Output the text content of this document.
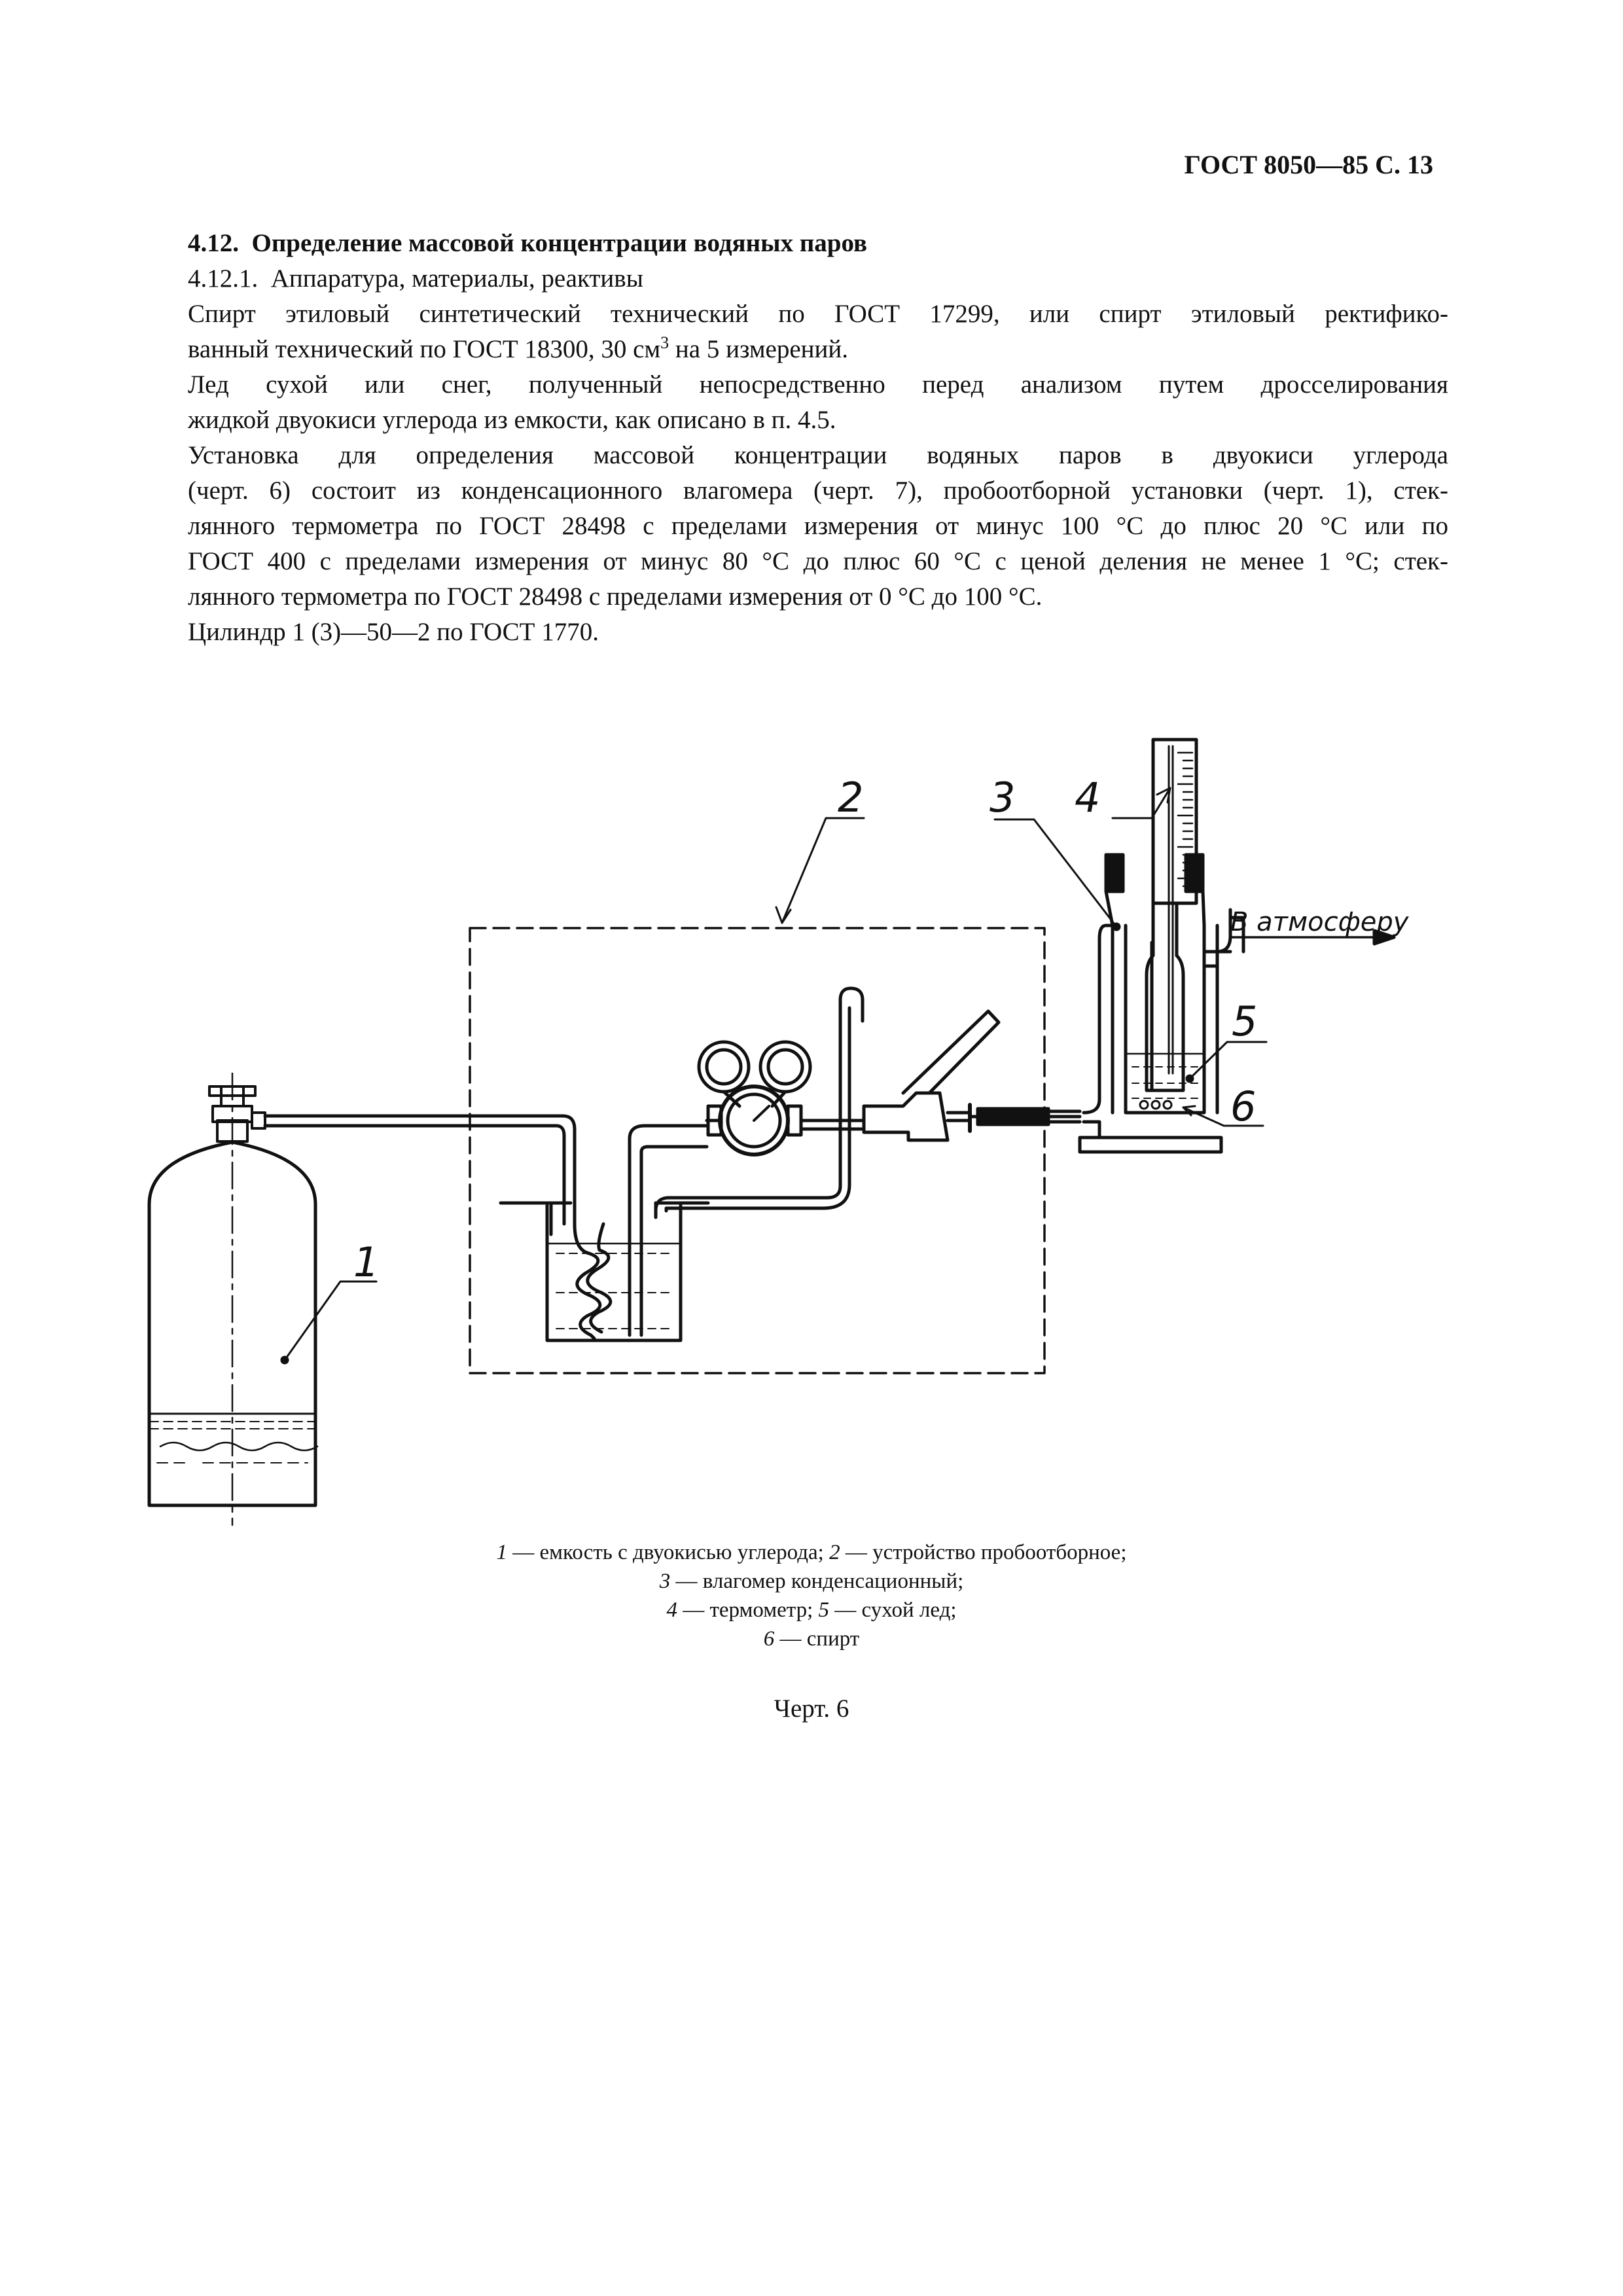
ГОСТ 8050—85 С. 13
4.12. Определение массовой концентрации водяных паров
4.12.1. Аппаратура, материалы, реактивы
Спирт этиловый синтетический технический по ГОСТ 17299, или спирт этиловый ректифико-
ванный технический по ГОСТ 18300, 30 $см^3$ на 5 измерений.
Лед сухой или снег, полученный непосредственно перед анализом путем дросселирования
жидкой двуокиси углерода из емкости, как описано в п. 4.5.
Установка для определения массовой концентрации водяных паров в двуокиси углерода
(черт. 6) состоит из конденсационного влагомера (черт. 7), пробоотборной установки (черт. 1), стек-
лянного термометра по ГОСТ 28498 с пределами измерения от минус 100 °С до плюс 20 °С или по
ГОСТ 400 с пределами измерения от минус 80 °С до плюс 60 °С с ценой деления не менее 1 °С; стек-
лянного термометра по ГОСТ 28498 с пределами измерения от 0 °С до 100 °С.
Цилиндр 1 (3)—50—2 по ГОСТ 1770.
1
2	3 4
5
6
В атмосферу
1 — емкость с двуокисью углерода; 2 — устройство пробоотборное;
3 — влагомер конденсационный;
4 — термометр; 5 — сухой лед;
6 — спирт
Черт. 6
